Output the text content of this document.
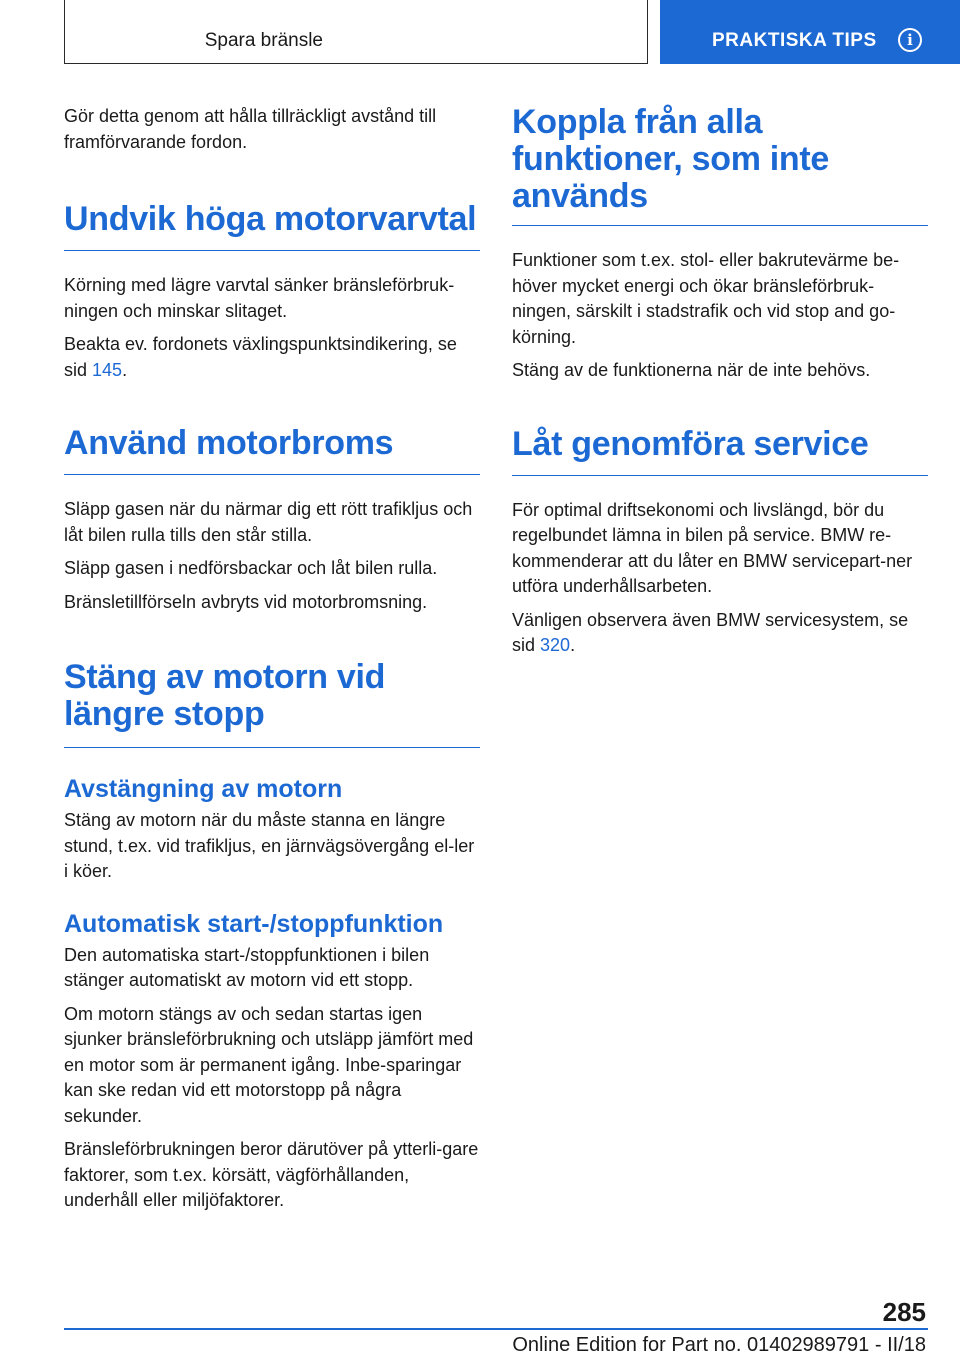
Spara bränsle	PRAKTISKA TIPS	i

Gör detta genom att hålla tillräckligt avstånd till framförvarande fordon.

Undvik höga motorvarvtal

Körning med lägre varvtal sänker bränsleförbruk-ningen och minskar slitaget.

Beakta ev. fordonets växlingspunktsindikering, se sid 145.

Använd motorbroms

Släpp gasen när du närmar dig ett rött trafikljus och låt bilen rulla tills den står stilla.

Släpp gasen i nedförsbackar och låt bilen rulla.

Bränsletillförseln avbryts vid motorbromsning.

Stäng av motorn vid längre stopp
Avstängning av motorn

Stäng av motorn när du måste stanna en längre stund, t.ex. vid trafikljus, en järnvägsövergång el-ler i köer.

Automatisk start-/stoppfunktion

Den automatiska start-/stoppfunktionen i bilen stänger automatiskt av motorn vid ett stopp.

Om motorn stängs av och sedan startas igen sjunker bränsleförbrukning och utsläpp jämfört med en motor som är permanent igång. Inbe-sparingar kan ske redan vid ett motorstopp på några sekunder.

Bränsleförbrukningen beror därutöver på ytterli-gare faktorer, som t.ex. körsätt, vägförhållanden, underhåll eller miljöfaktorer.

Koppla från alla funktioner, som inte används

Funktioner som t.ex. stol- eller bakrutevärme be-höver mycket energi och ökar bränsleförbruk-ningen, särskilt i stadstrafik och vid stop and go-körning.

Stäng av de funktionerna när de inte behövs.

Låt genomföra service

För optimal driftsekonomi och livslängd, bör du regelbundet lämna in bilen på service. BMW re-kommenderar att du låter en BMW servicepart-ner utföra underhållsarbeten.

Vänligen observera även BMW servicesystem, se sid 320.

285
Online Edition for Part no. 01402989791 - II/18
